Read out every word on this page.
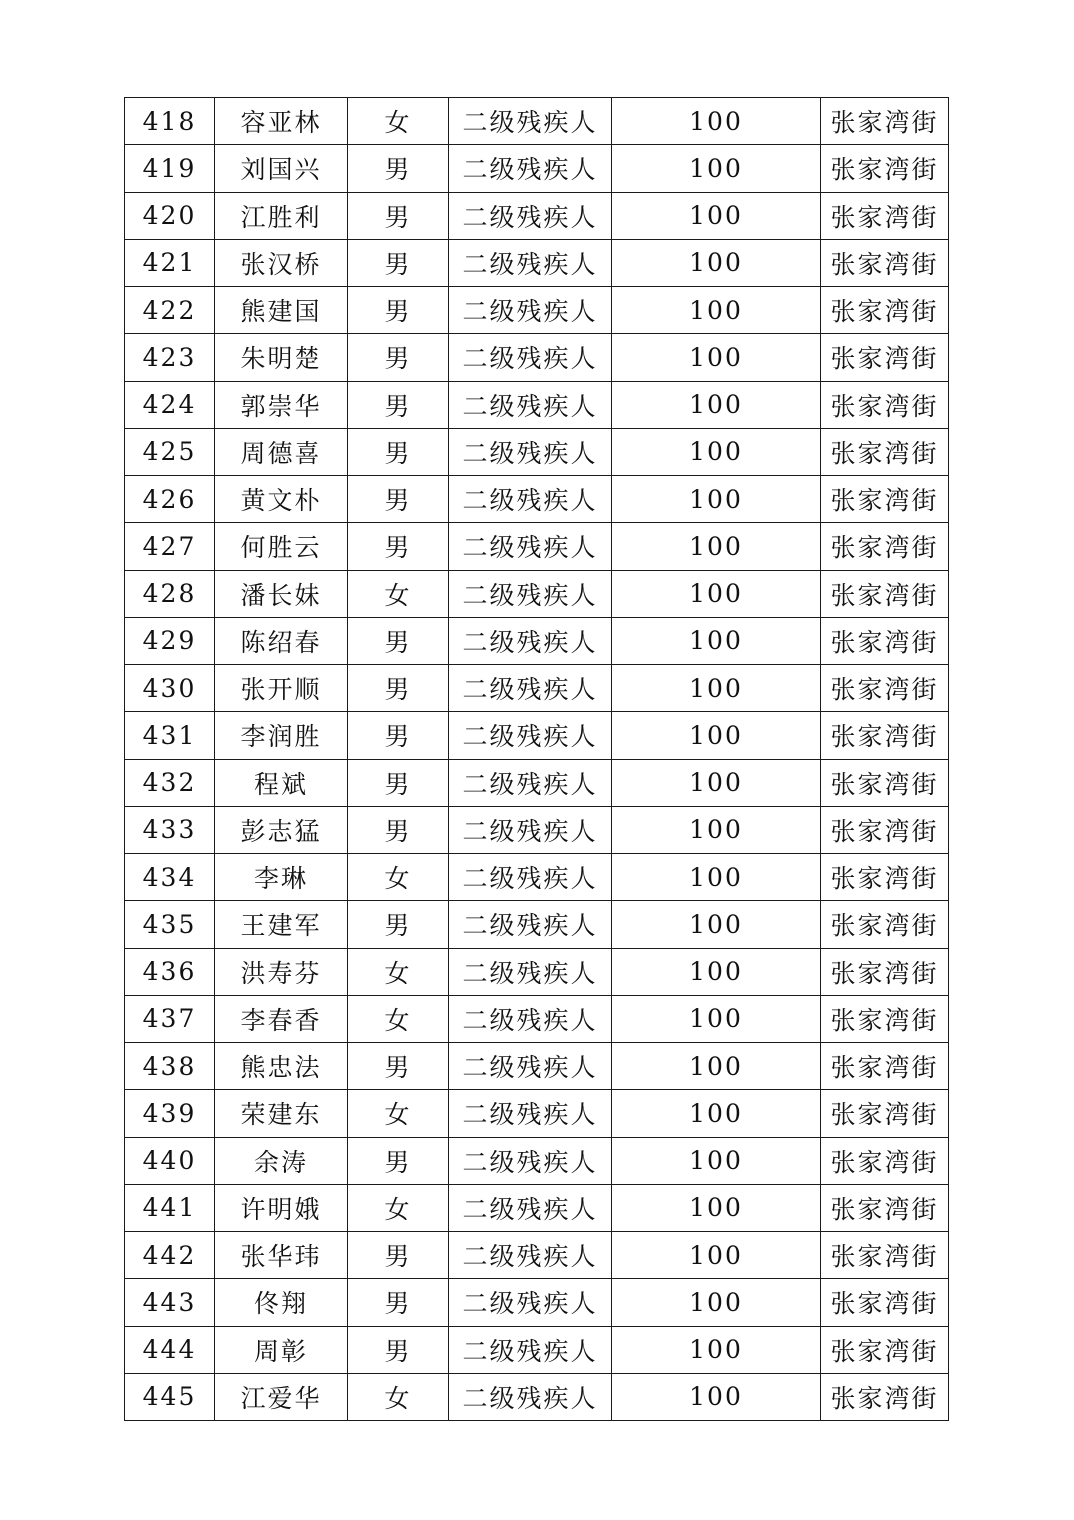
418	容亚林	女	二级残疾人	100	张家湾街
419	刘国兴	男	二级残疾人	100	张家湾街
420	江胜利	男	二级残疾人	100	张家湾街
421	张汉桥	男	二级残疾人	100	张家湾街
422	熊建国	男	二级残疾人	100	张家湾街
423	朱明楚	男	二级残疾人	100	张家湾街
424	郭崇华	男	二级残疾人	100	张家湾街
425	周德喜	男	二级残疾人	100	张家湾街
426	黄文朴	男	二级残疾人	100	张家湾街
427	何胜云	男	二级残疾人	100	张家湾街
428	潘长妹	女	二级残疾人	100	张家湾街
429	陈绍春	男	二级残疾人	100	张家湾街
430	张开顺	男	二级残疾人	100	张家湾街
431	李润胜	男	二级残疾人	100	张家湾街
432	程斌	男	二级残疾人	100	张家湾街
433	彭志猛	男	二级残疾人	100	张家湾街
434	李琳	女	二级残疾人	100	张家湾街
435	王建军	男	二级残疾人	100	张家湾街
436	洪寿芬	女	二级残疾人	100	张家湾街
437	李春香	女	二级残疾人	100	张家湾街
438	熊忠法	男	二级残疾人	100	张家湾街
439	荣建东	女	二级残疾人	100	张家湾街
440	余涛	男	二级残疾人	100	张家湾街
441	许明娥	女	二级残疾人	100	张家湾街
442	张华玮	男	二级残疾人	100	张家湾街
443	佟翔	男	二级残疾人	100	张家湾街
444	周彰	男	二级残疾人	100	张家湾街
445	江爱华	女	二级残疾人	100	张家湾街
